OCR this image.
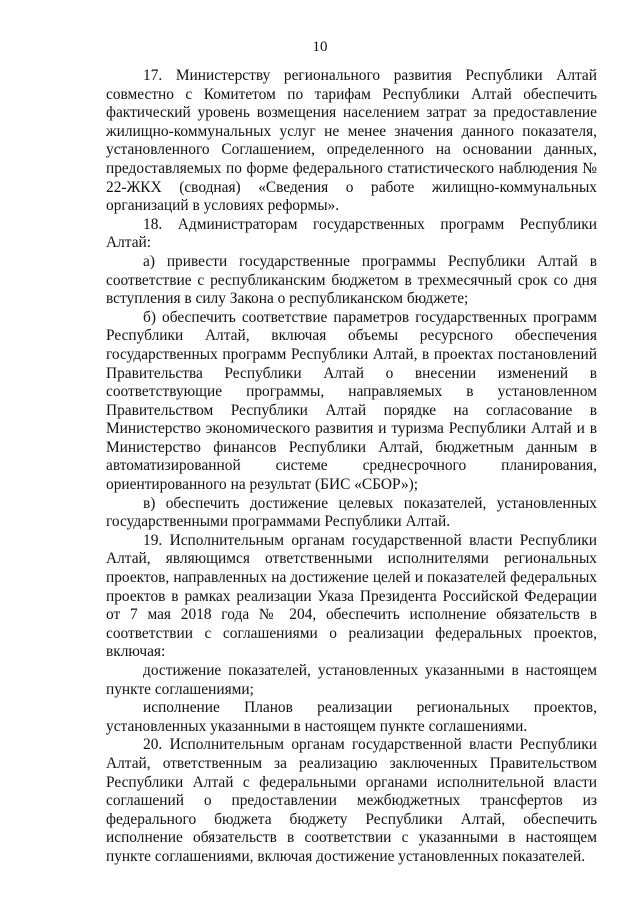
10

17. Министерству регионального развития Республики Алтай совместно с Комитетом по тарифам Республики Алтай обеспечить фактический уровень возмещения населением затрат за предоставление жилищно-коммунальных услуг не менее значения данного показателя, установленного Соглашением, определенного на основании данных, предоставляемых по форме федерального статистического наблюдения № 22-ЖКХ (сводная) «Сведения о работе жилищно-коммунальных организаций в условиях реформы».

18. Администраторам государственных программ Республики Алтай:

а) привести государственные программы Республики Алтай в соответствие с республиканским бюджетом в трехмесячный срок со дня вступления в силу Закона о республиканском бюджете;

б) обеспечить соответствие параметров государственных программ Республики Алтай, включая объемы ресурсного обеспечения государственных программ Республики Алтай, в проектах постановлений Правительства Республики Алтай о внесении изменений в соответствующие программы, направляемых в установленном Правительством Республики Алтай порядке на согласование в Министерство экономического развития и туризма Республики Алтай и в Министерство финансов Республики Алтай, бюджетным данным в автоматизированной системе среднесрочного планирования, ориентированного на результат (БИС «СБОР»);

в) обеспечить достижение целевых показателей, установленных государственными программами Республики Алтай.

19. Исполнительным органам государственной власти Республики Алтай, являющимся ответственными исполнителями региональных проектов, направленных на достижение целей и показателей федеральных проектов в рамках реализации Указа Президента Российской Федерации от 7 мая 2018 года № 204, обеспечить исполнение обязательств в соответствии с соглашениями о реализации федеральных проектов, включая:

достижение показателей, установленных указанными в настоящем пункте соглашениями;

исполнение Планов реализации региональных проектов, установленных указанными в настоящем пункте соглашениями.

20. Исполнительным органам государственной власти Республики Алтай, ответственным за реализацию заключенных Правительством Республики Алтай с федеральными органами исполнительной власти соглашений о предоставлении межбюджетных трансфертов из федерального бюджета бюджету Республики Алтай, обеспечить исполнение обязательств в соответствии с указанными в настоящем пункте соглашениями, включая достижение установленных показателей.
